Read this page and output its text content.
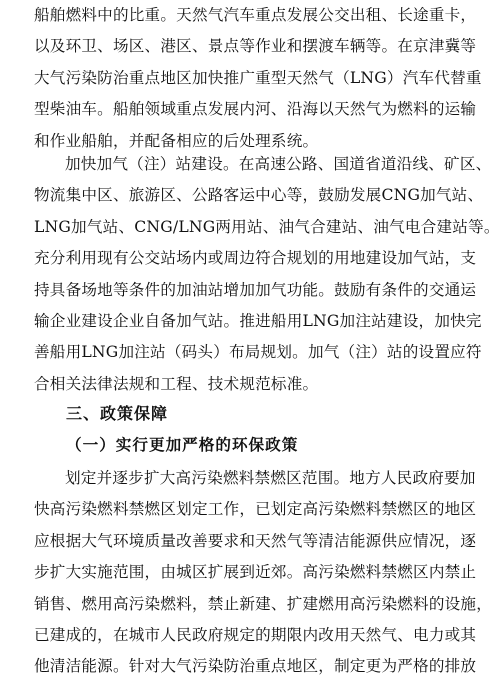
船舶燃料中的比重。天然气汽车重点发展公交出租、长途重卡，
以及环卫、场区、港区、景点等作业和摆渡车辆等。在京津冀等
大气污染防治重点地区加快推广重型天然气（LNG）汽车代替重
型柴油车。船舶领域重点发展内河、沿海以天然气为燃料的运输
和作业船舶，并配备相应的后处理系统。

加快加气（注）站建设。在高速公路、国道省道沿线、矿区、
物流集中区、旅游区、公路客运中心等，鼓励发展CNG加气站、
LNG加气站、CNG/LNG两用站、油气合建站、油气电合建站等。
充分利用现有公交站场内或周边符合规划的用地建设加气站，支
持具备场地等条件的加油站增加加气功能。鼓励有条件的交通运
输企业建设企业自备加气站。推进船用LNG加注站建设，加快完
善船用LNG加注站（码头）布局规划。加气（注）站的设置应符
合相关法律法规和工程、技术规范标准。

三、政策保障
（一）实行更加严格的环保政策

划定并逐步扩大高污染燃料禁燃区范围。地方人民政府要加
快高污染燃料禁燃区划定工作，已划定高污染燃料禁燃区的地区
应根据大气环境质量改善要求和天然气等清洁能源供应情况，逐
步扩大实施范围，由城区扩展到近郊。高污染燃料禁燃区内禁止
销售、燃用高污染燃料，禁止新建、扩建燃用高污染燃料的设施，
已建成的，在城市人民政府规定的期限内改用天然气、电力或其
他清洁能源。针对大气污染防治重点地区，制定更为严格的排放
